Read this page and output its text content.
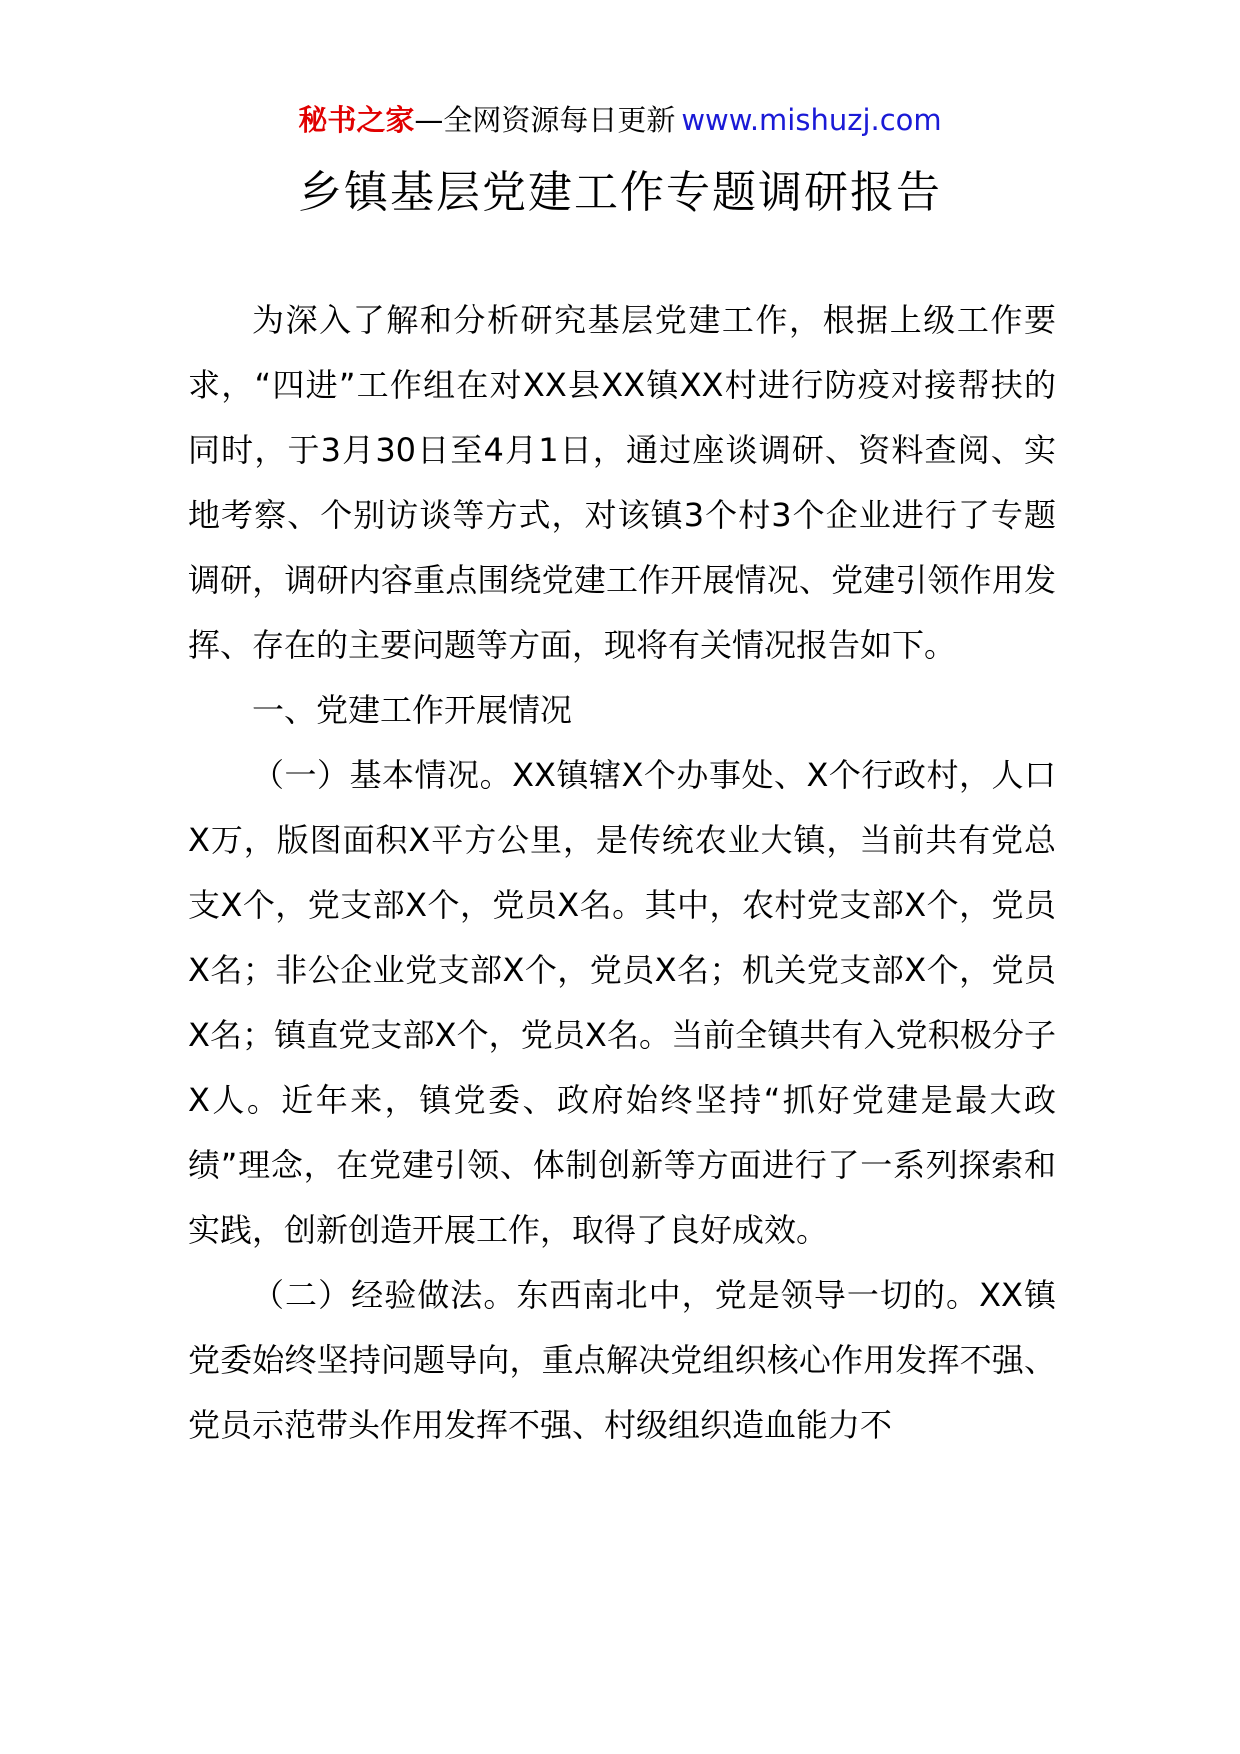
秘书之家—全网资源每日更新 www.mishuzj.com
乡镇基层党建工作专题调研报告

为深入了解和分析研究基层党建工作，根据上级工作要求，“四进”工作组在对XX县XX镇XX村进行防疫对接帮扶的同时，于3月30日至4月1日，通过座谈调研、资料查阅、实地考察、个别访谈等方式，对该镇3个村3个企业进行了专题调研，调研内容重点围绕党建工作开展情况、党建引领作用发挥、存在的主要问题等方面，现将有关情况报告如下。

一、党建工作开展情况

（一）基本情况。XX镇辖X个办事处、X个行政村，人口X万，版图面积X平方公里，是传统农业大镇，当前共有党总支X个，党支部X个，党员X名。其中，农村党支部X个，党员X名；非公企业党支部X个，党员X名；机关党支部X个，党员X名；镇直党支部X个，党员X名。当前全镇共有入党积极分子X人。近年来，镇党委、政府始终坚持“抓好党建是最大政绩”理念，在党建引领、体制创新等方面进行了一系列探索和实践，创新创造开展工作，取得了良好成效。

（二）经验做法。东西南北中，党是领导一切的。XX镇党委始终坚持问题导向，重点解决党组织核心作用发挥不强、党员示范带头作用发挥不强、村级组织造血能力不
